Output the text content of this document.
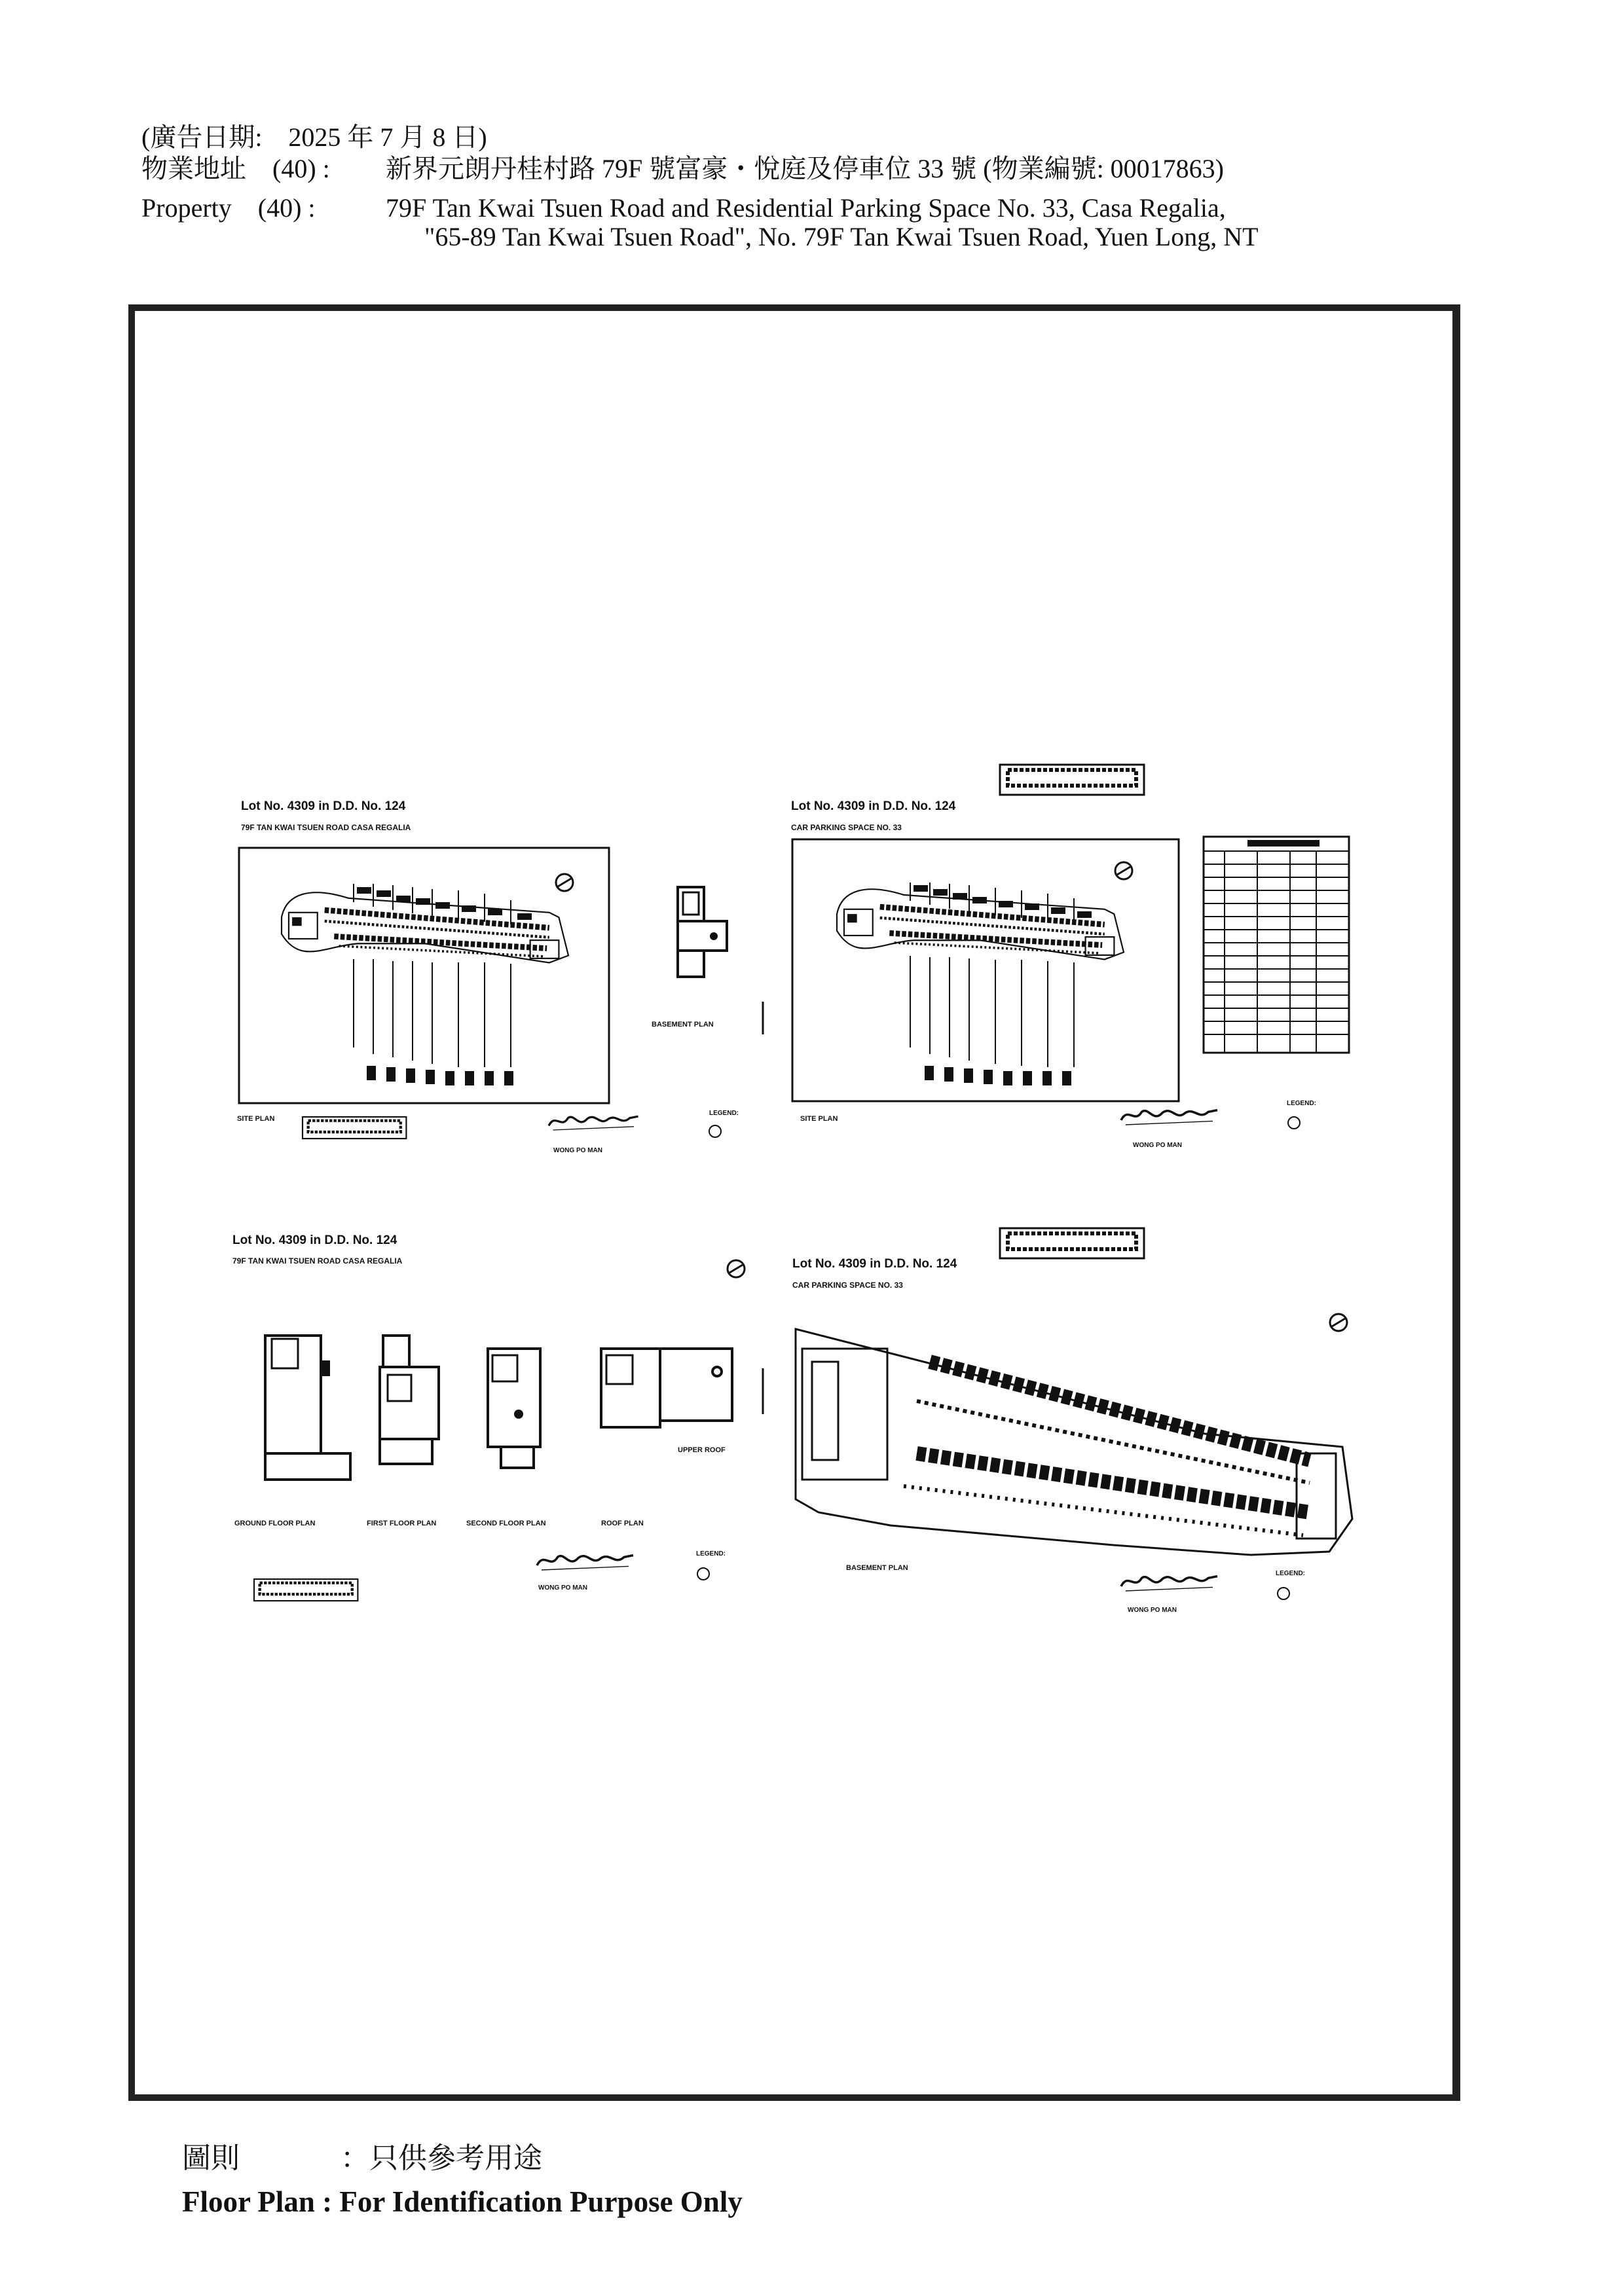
(廣告日期:　2025 年 7 月 8 日)
物業地址　(40) : 新界元朗丹桂村路 79F 號富豪・悅庭及停車位 33 號 (物業編號: 00017863)
Property　(40) :	79F Tan Kwai Tsuen Road and Residential Parking Space No. 33, Casa Regalia,
"65-89 Tan Kwai Tsuen Road", No. 79F Tan Kwai Tsuen Road, Yuen Long, NT
Lot No. 4309 in D.D. No. 124
79F TAN KWAI TSUEN ROAD CASA REGALIA
SITE PLAN
WONG PO MAN
LEGEND:
BASEMENT PLAN
Lot No. 4309 in D.D. No. 124
CAR PARKING SPACE NO. 33
SITE PLAN
WONG PO MAN
LEGEND:
Lot No. 4309 in D.D. No. 124
79F TAN KWAI TSUEN ROAD CASA REGALIA
GROUND FLOOR PLAN	FIRST FLOOR PLAN	SECOND FLOOR PLAN
UPPER ROOF
ROOF PLAN
WONG PO MAN
LEGEND:
Lot No. 4309 in D.D. No. 124
CAR PARKING SPACE NO. 33
BASEMENT PLAN
WONG PO MAN
LEGEND:
圖則	：只供參考用途
Floor Plan : For Identification Purpose Only
